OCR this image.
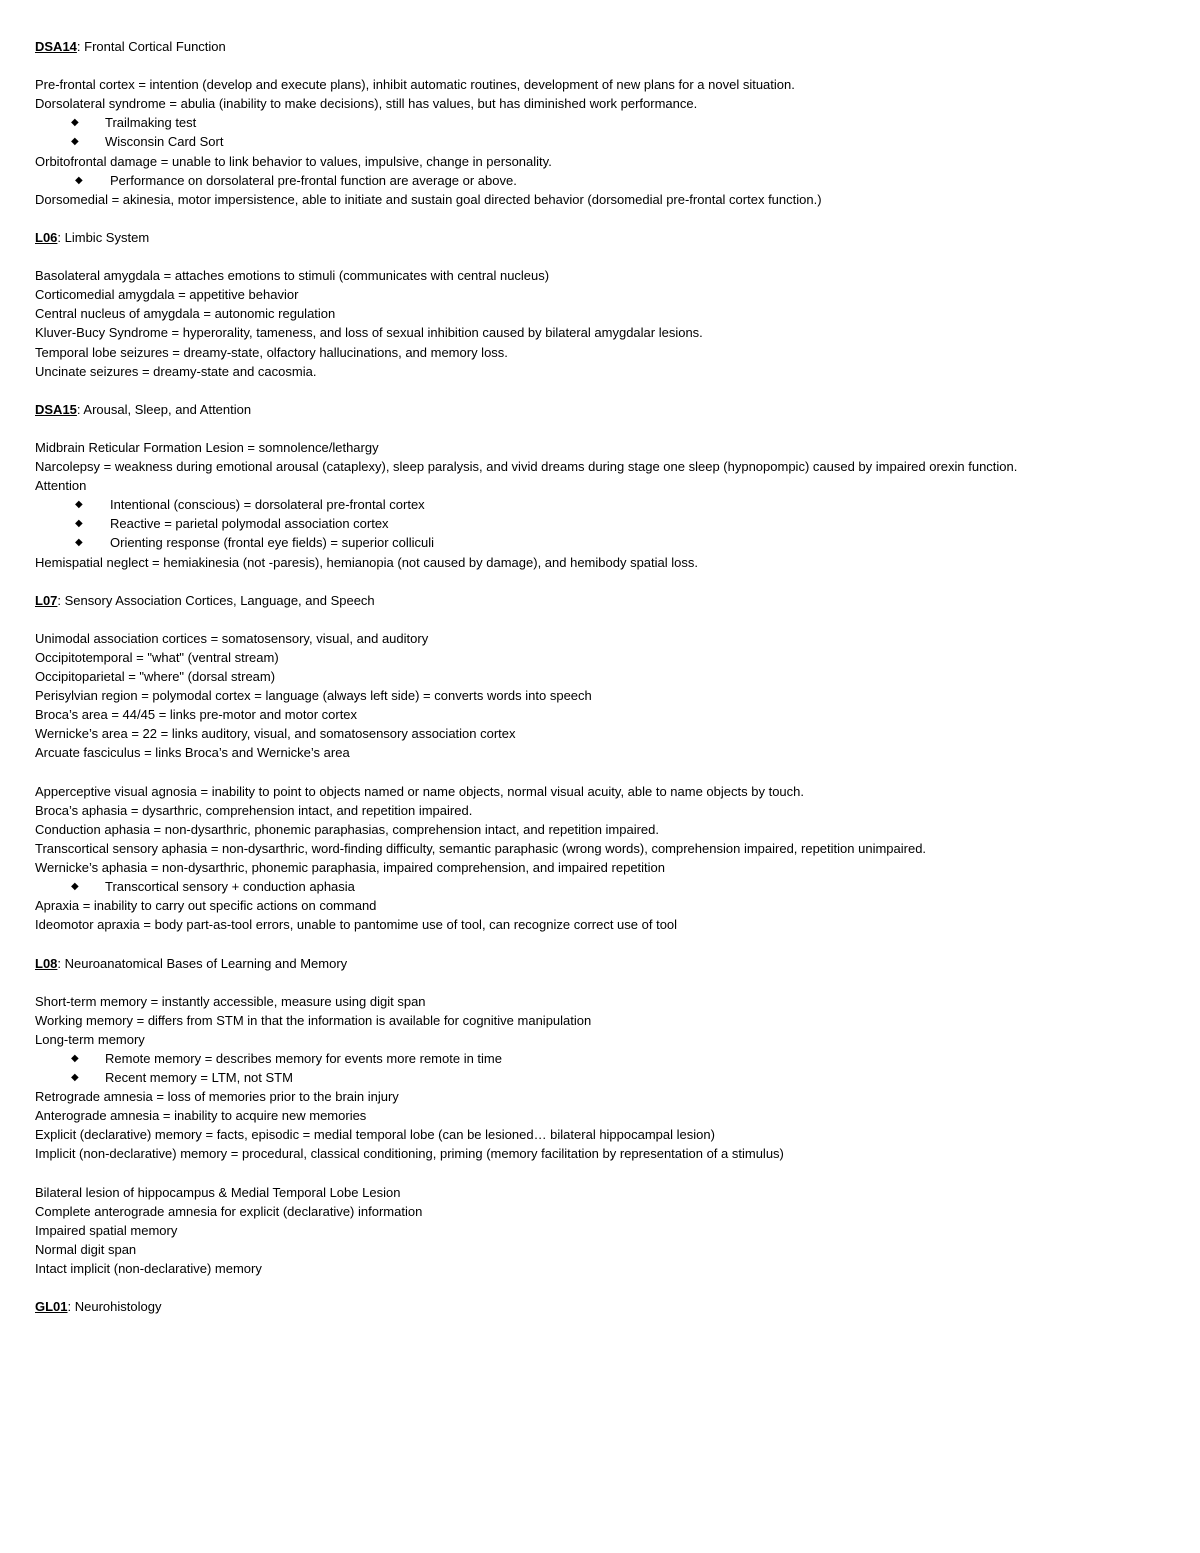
DSA14: Frontal Cortical Function
Pre-frontal cortex = intention (develop and execute plans), inhibit automatic routines, development of new plans for a novel situation.
Dorsolateral syndrome = abulia (inability to make decisions), still has values, but has diminished work performance.
◆ Trailmaking test
◆ Wisconsin Card Sort
Orbitofrontal damage = unable to link behavior to values, impulsive, change in personality.
◆ Performance on dorsolateral pre-frontal function are average or above.
Dorsomedial = akinesia, motor impersistence, able to initiate and sustain goal directed behavior (dorsomedial pre-frontal cortex function.)
L06: Limbic System
Basolateral amygdala = attaches emotions to stimuli (communicates with central nucleus)
Corticomedial amygdala = appetitive behavior
Central nucleus of amygdala = autonomic regulation
Kluver-Bucy Syndrome = hyperorality, tameness, and loss of sexual inhibition caused by bilateral amygdalar lesions.
Temporal lobe seizures = dreamy-state, olfactory hallucinations, and memory loss.
Uncinate seizures = dreamy-state and cacosmia.
DSA15: Arousal, Sleep, and Attention
Midbrain Reticular Formation Lesion = somnolence/lethargy
Narcolepsy = weakness during emotional arousal (cataplexy), sleep paralysis, and vivid dreams during stage one sleep (hypnopompic) caused by impaired orexin function.
Attention
◆ Intentional (conscious) = dorsolateral pre-frontal cortex
◆ Reactive = parietal polymodal association cortex
◆ Orienting response (frontal eye fields) = superior colliculi
Hemispatial neglect = hemiakinesia (not -paresis), hemianopia (not caused by damage), and hemibody spatial loss.
L07: Sensory Association Cortices, Language, and Speech
Unimodal association cortices = somatosensory, visual, and auditory
Occipitotemporal = "what" (ventral stream)
Occipitoparietal = "where" (dorsal stream)
Perisylvian region = polymodal cortex = language (always left side) = converts words into speech
Broca’s area = 44/45 = links pre-motor and motor cortex
Wernicke’s area = 22 = links auditory, visual, and somatosensory association cortex
Arcuate fasciculus = links Broca’s and Wernicke’s area
Apperceptive visual agnosia = inability to point to objects named or name objects, normal visual acuity, able to name objects by touch.
Broca’s aphasia = dysarthric, comprehension intact, and repetition impaired.
Conduction aphasia = non-dysarthric, phonemic paraphasias, comprehension intact, and repetition impaired.
Transcortical sensory aphasia = non-dysarthric, word-finding difficulty, semantic paraphasic (wrong words), comprehension impaired, repetition unimpaired.
Wernicke’s aphasia = non-dysarthric, phonemic paraphasia, impaired comprehension, and impaired repetition
◆ Transcortical sensory + conduction aphasia
Apraxia = inability to carry out specific actions on command
Ideomotor apraxia = body part-as-tool errors, unable to pantomime use of tool, can recognize correct use of tool
L08: Neuroanatomical Bases of Learning and Memory
Short-term memory = instantly accessible, measure using digit span
Working memory = differs from STM in that the information is available for cognitive manipulation
Long-term memory
◆ Remote memory = describes memory for events more remote in time
◆ Recent memory = LTM, not STM
Retrograde amnesia = loss of memories prior to the brain injury
Anterograde amnesia = inability to acquire new memories
Explicit (declarative) memory = facts, episodic = medial temporal lobe (can be lesioned… bilateral hippocampal lesion)
Implicit (non-declarative) memory = procedural, classical conditioning, priming (memory facilitation by representation of a stimulus)
Bilateral lesion of hippocampus & Medial Temporal Lobe Lesion
Complete anterograde amnesia for explicit (declarative) information
Impaired spatial memory
Normal digit span
Intact implicit (non-declarative) memory
GL01: Neurohistology
